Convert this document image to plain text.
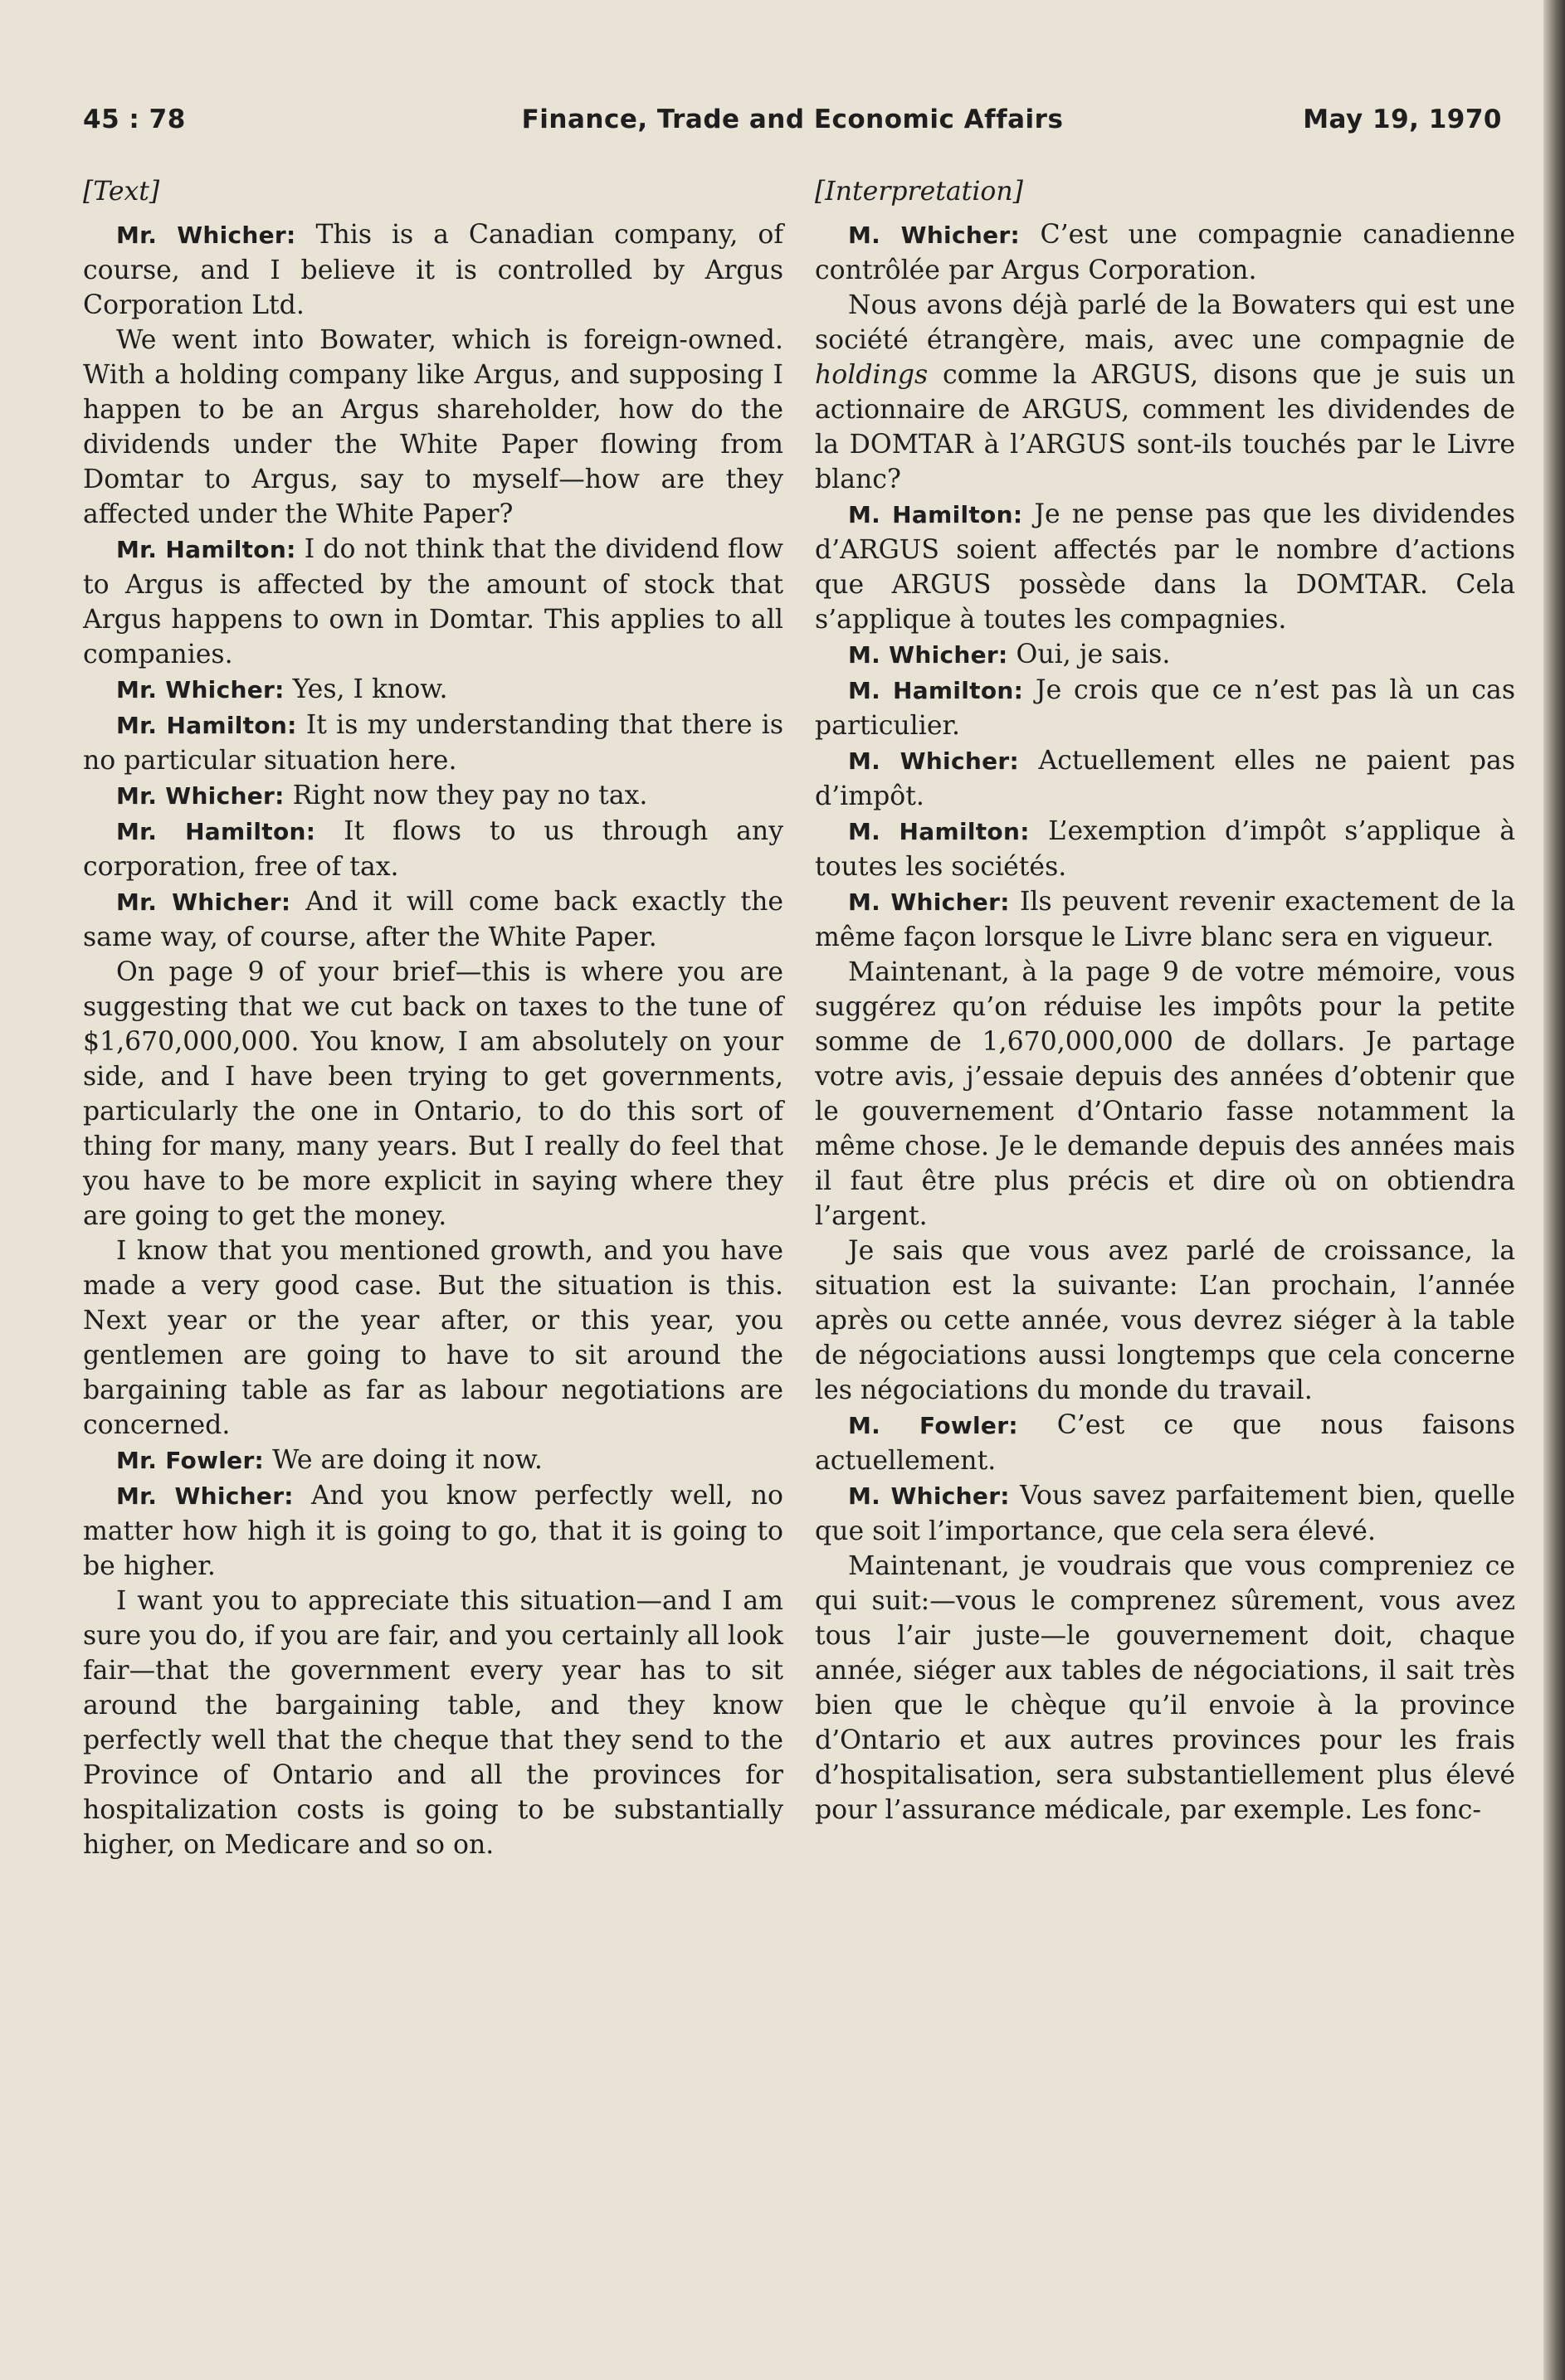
45 : 78	Finance, Trade and Economic Affairs	May 19, 1970

[Text]

Mr. Whicher: This is a Canadian company, of course, and I believe it is controlled by Argus Corporation Ltd.

We went into Bowater, which is foreign-owned. With a holding company like Argus, and supposing I happen to be an Argus shareholder, how do the dividends under the White Paper flowing from Domtar to Argus, say to myself—how are they affected under the White Paper?

Mr. Hamilton: I do not think that the dividend flow to Argus is affected by the amount of stock that Argus happens to own in Domtar. This applies to all companies.

Mr. Whicher: Yes, I know.

Mr. Hamilton: It is my understanding that there is no particular situation here.

Mr. Whicher: Right now they pay no tax.

Mr. Hamilton: It flows to us through any corporation, free of tax.

Mr. Whicher: And it will come back exactly the same way, of course, after the White Paper.

On page 9 of your brief—this is where you are suggesting that we cut back on taxes to the tune of $1,670,000,000. You know, I am absolutely on your side, and I have been trying to get governments, particularly the one in Ontario, to do this sort of thing for many, many years. But I really do feel that you have to be more explicit in saying where they are going to get the money.

I know that you mentioned growth, and you have made a very good case. But the situation is this. Next year or the year after, or this year, you gentlemen are going to have to sit around the bargaining table as far as labour negotiations are concerned.

Mr. Fowler: We are doing it now.

Mr. Whicher: And you know perfectly well, no matter how high it is going to go, that it is going to be higher.

I want you to appreciate this situation—and I am sure you do, if you are fair, and you certainly all look fair—that the government every year has to sit around the bargaining table, and they know perfectly well that the cheque that they send to the Province of Ontario and all the provinces for hospitalization costs is going to be substantially higher, on Medicare and so on.

[Interpretation]

M. Whicher: C’est une compagnie canadienne contrôlée par Argus Corporation.

Nous avons déjà parlé de la Bowaters qui est une société étrangère, mais, avec une compagnie de holdings comme la ARGUS, disons que je suis un actionnaire de ARGUS, comment les dividendes de la DOMTAR à l’ARGUS sont-ils touchés par le Livre blanc?

M. Hamilton: Je ne pense pas que les dividendes d’ARGUS soient affectés par le nombre d’actions que ARGUS possède dans la DOMTAR. Cela s’applique à toutes les compagnies.

M. Whicher: Oui, je sais.

M. Hamilton: Je crois que ce n’est pas là un cas particulier.

M. Whicher: Actuellement elles ne paient pas d’impôt.

M. Hamilton: L’exemption d’impôt s’applique à toutes les sociétés.

M. Whicher: Ils peuvent revenir exactement de la même façon lorsque le Livre blanc sera en vigueur.

Maintenant, à la page 9 de votre mémoire, vous suggérez qu’on réduise les impôts pour la petite somme de 1,670,000,000 de dollars. Je partage votre avis, j’essaie depuis des années d’obtenir que le gouvernement d’Ontario fasse notamment la même chose. Je le demande depuis des années mais il faut être plus précis et dire où on obtiendra l’argent.

Je sais que vous avez parlé de croissance, la situation est la suivante: L’an prochain, l’année après ou cette année, vous devrez siéger à la table de négociations aussi longtemps que cela concerne les négociations du monde du travail.

M. Fowler: C’est ce que nous faisons actuellement.

M. Whicher: Vous savez parfaitement bien, quelle que soit l’importance, que cela sera élevé.

Maintenant, je voudrais que vous compreniez ce qui suit:—vous le comprenez sûrement, vous avez tous l’air juste—le gouvernement doit, chaque année, siéger aux tables de négociations, il sait très bien que le chèque qu’il envoie à la province d’Ontario et aux autres provinces pour les frais d’hospitalisation, sera substantiellement plus élevé pour l’assurance médicale, par exemple. Les fonc-
